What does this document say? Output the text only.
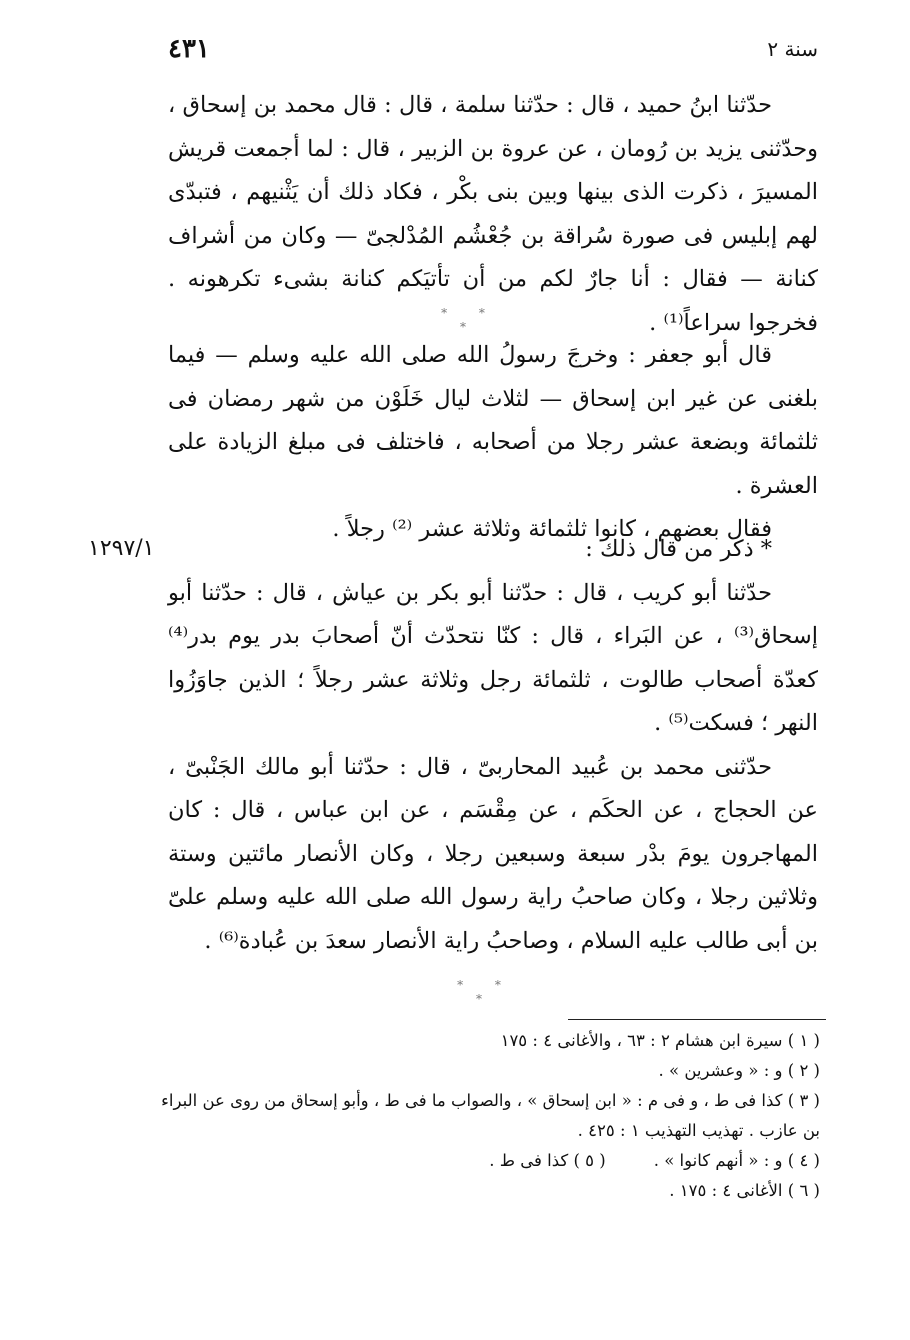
٤٣١	سنة ٢

حدّثنا ابنُ حميد ، قال : حدّثنا سلمة ، قال : قال محمد بن إسحاق ، وحدّثنى يزيد بن رُومان ، عن عروة بن الزبير ، قال : لما أجمعت قريش المسيرَ ، ذكرت الذى بينها وبين بنى بكْر ، فكاد ذلك أن يَثْنيهم ، فتبدّى لهم إبليس فى صورة سُراقة بن جُعْشُم المُدْلجىّ — وكان من أشراف كنانة — فقال : أنا جارٌ لكم من أن تأتيَكم كنانة بشىء تكرهونه . فخرجوا سراعاً⁽¹⁾ .

* * *

قال أبو جعفر : وخرجَ رسولُ الله صلى الله عليه وسلم — فيما بلغنى عن غير ابن إسحاق — لثلاث ليال خَلَوْن من شهر رمضان فى ثلثمائة وبضعة عشر رجلا من أصحابه ، فاختلف فى مبلغ الزيادة على العشرة .

فقال بعضهم ، كانوا ثلثمائة وثلاثة عشر ⁽²⁾ رجلاً .

١٢٩٧/١	* ذكر من قال ذلك :

حدّثنا أبو كريب ، قال : حدّثنا أبو بكر بن عياش ، قال : حدّثنا أبو إسحاق⁽³⁾ ، عن البَراء ، قال : كنّا نتحدّث أنّ أصحابَ بدر يوم بدر⁽⁴⁾ كعدّة أصحاب طالوت ، ثلثمائة رجل وثلاثة عشر رجلاً ؛ الذين جاوَزُوا النهر ؛ فسكت⁽⁵⁾ .

حدّثنى محمد بن عُبيد المحاربىّ ، قال : حدّثنا أبو مالك الجَنْبىّ ، عن الحجاج ، عن الحكَم ، عن مِقْسَم ، عن ابن عباس ، قال : كان المهاجرون يومَ بدْر سبعة وسبعين رجلا ، وكان الأنصار مائتين وستة وثلاثين رجلا ، وكان صاحبُ راية رسول الله صلى الله عليه وسلم علىّ بن أبى طالب عليه السلام ، وصاحبُ راية الأنصار سعدَ بن عُبادة⁽⁶⁾ .

* * *

( ١ ) سيرة ابن هشام ٢ : ٦٣ ، والأغانى ٤ : ١٧٥

( ٢ ) و : « وعشرين » .

( ٣ ) كذا فى ط ، و فى م : « ابن إسحاق » ، والصواب ما فى ط ، وأبو إسحاق من روى عن البراء بن عازب . تهذيب التهذيب ١ : ٤٢٥ .

( ٤ ) و : « أنهم كانوا » .
( ٥ ) كذا فى ط .

( ٦ ) الأغانى ٤ : ١٧٥ .
